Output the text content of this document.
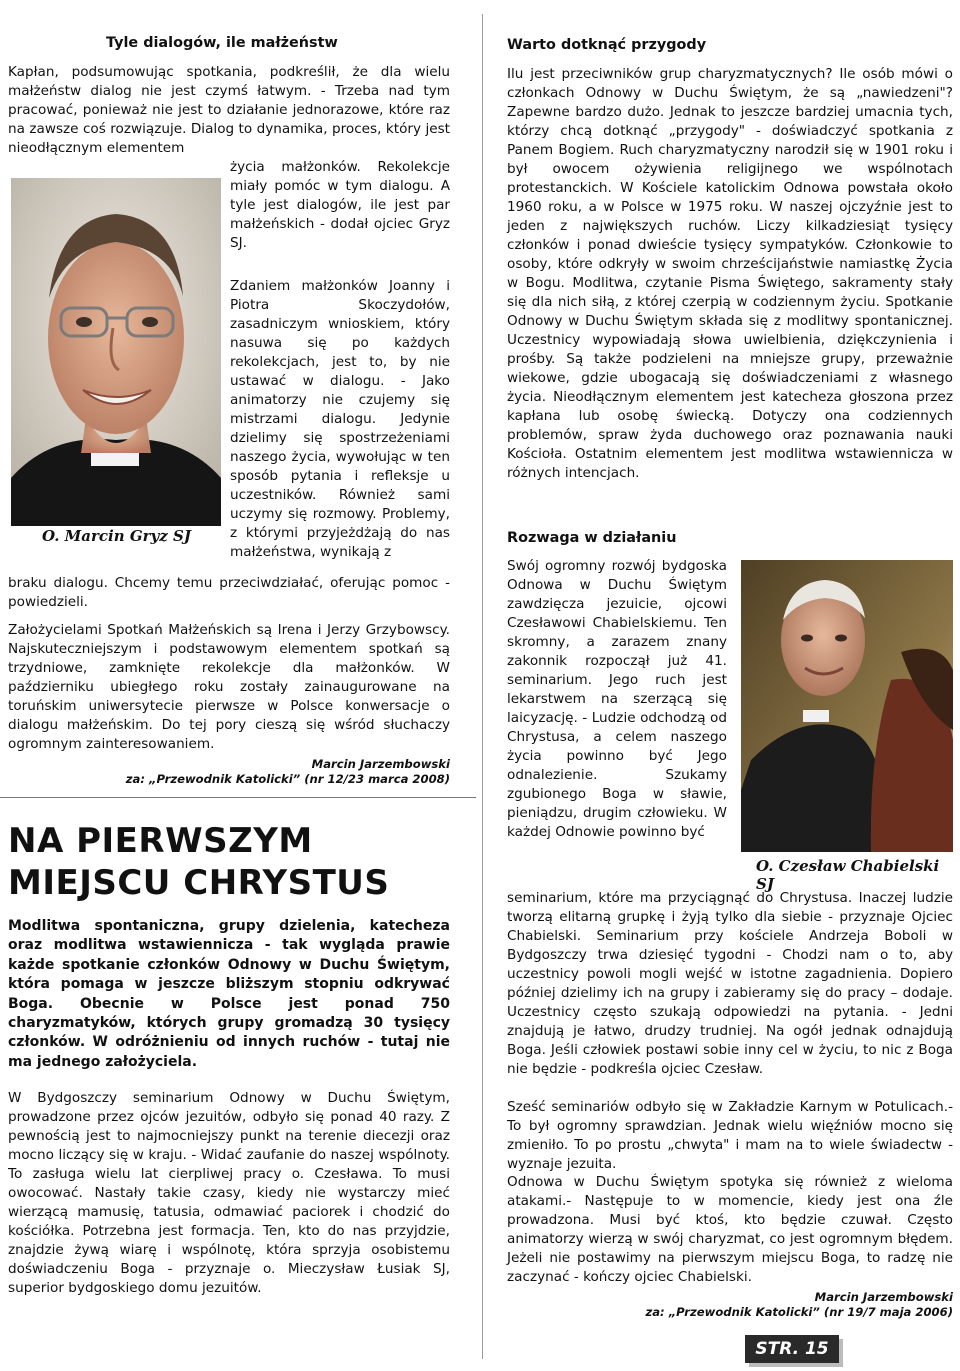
Tyle dialogów, ile małżeństw

Kapłan, podsumowując spotkania, podkreślił, że dla wielu małżeństw dialog nie jest czymś łatwym. - Trzeba nad tym pracować, ponieważ nie jest to działanie jednorazowe, które raz na zawsze coś rozwiązuje. Dialog to dynamika, proces, który jest nieodłącznym elementem

O. Marcin Gryz SJ

życia małżonków. Rekolekcje miały pomóc w tym dialogu. A tyle jest dialogów, ile jest par małżeńskich - dodał ojciec Gryz SJ.

Zdaniem małżonków Joanny i Piotra Skoczydołów, zasadniczym wnioskiem, który nasuwa się po każdych rekolekcjach, jest to, by nie ustawać w dialogu. - Jako animatorzy nie czujemy się mistrzami dialogu. Jedynie dzielimy się spostrzeżeniami naszego życia, wywołując w ten sposób pytania i refleksje u uczestników. Również sami uczymy się rozmowy. Problemy, z którymi przyjeżdżają do nas małżeństwa, wynikają z

braku dialogu. Chcemy temu przeciwdziałać, oferując pomoc - powiedzieli.

Założycielami Spotkań Małżeńskich są Irena i Jerzy Grzybowscy. Najskuteczniejszym i podstawowym elementem spotkań są trzydniowe, zamknięte rekolekcje dla małżonków. W październiku ubiegłego roku zostały zainaugurowane na toruńskim uniwersytecie pierwsze w Polsce konwersacje o dialogu małżeńskim. Do tej pory cieszą się wśród słuchaczy ogromnym zainteresowaniem.

Marcin Jarzembowski
za: „Przewodnik Katolicki” (nr 12/23 marca 2008)
NA PIERWSZYM
MIEJSCU CHRYSTUS

Modlitwa spontaniczna, grupy dzielenia, katecheza oraz modlitwa wstawiennicza - tak wygląda prawie każde spotkanie członków Odnowy w Duchu Świętym, która pomaga w jeszcze bliższym stopniu odkrywać Boga. Obecnie w Polsce jest ponad 750 charyzmatyków, których grupy gromadzą 30 tysięcy członków. W odróżnieniu od innych ruchów - tutaj nie ma jednego założyciela.

W Bydgoszczy seminarium Odnowy w Duchu Świętym, prowadzone przez ojców jezuitów, odbyło się ponad 40 razy. Z pewnością jest to najmocniejszy punkt na terenie diecezji oraz mocno liczący się w kraju. - Widać zaufanie do naszej wspólnoty. To zasługa wielu lat cierpliwej pracy o. Czesława. To musi owocować. Nastały takie czasy, kiedy nie wystarczy mieć wierzącą mamusię, tatusia, odmawiać paciorek i chodzić do kościółka. Potrzebna jest formacja. Ten, kto do nas przyjdzie, znajdzie żywą wiarę i wspólnotę, która sprzyja osobistemu doświadczeniu Boga - przyznaje o. Mieczysław Łusiak SJ, superior bydgoskiego domu jezuitów.

Warto dotknąć przygody

Ilu jest przeciwników grup charyzmatycznych? Ile osób mówi o członkach Odnowy w Duchu Świętym, że są „nawiedzeni"? Zapewne bardzo dużo. Jednak to jeszcze bardziej umacnia tych, którzy chcą dotknąć „przygody" - doświadczyć spotkania z Panem Bogiem. Ruch charyzmatyczny narodził się w 1901 roku i był owocem ożywienia religijnego we wspólnotach protestanckich. W Kościele katolickim Odnowa powstała około 1960 roku, a w Polsce w 1975 roku. W naszej ojczyźnie jest to jeden z największych ruchów. Liczy kilkadziesiąt tysięcy członków i ponad dwieście tysięcy sympatyków. Członkowie to osoby, które odkryły w swoim chrześcijaństwie namiastkę Życia w Bogu. Modlitwa, czytanie Pisma Świętego, sakramenty stały się dla nich siłą, z której czerpią w codziennym życiu. Spotkanie Odnowy w Duchu Świętym składa się z modlitwy spontanicznej. Uczestnicy wypowiadają słowa uwielbienia, dziękczynienia i prośby. Są także podzieleni na mniejsze grupy, przeważnie wiekowe, gdzie ubogacają się doświadczeniami z własnego życia. Nieodłącznym elementem jest katecheza głoszona przez kapłana lub osobę świecką. Dotyczy ona codziennych problemów, spraw żyda duchowego oraz poznawania nauki Kościoła. Ostatnim elementem jest modlitwa wstawiennicza w różnych intencjach.

Rozwaga w działaniu

Swój ogromny rozwój bydgoska Odnowa w Duchu Świętym zawdzięcza jezuicie, ojcowi Czesławowi Chabielskiemu. Ten skromny, a zarazem znany zakonnik rozpoczął już 41. seminarium. Jego ruch jest lekarstwem na szerzącą się laicyzację. - Ludzie odchodzą od Chrystusa, a celem naszego życia powinno być Jego odnalezienie. Szukamy zgubionego Boga w sławie, pieniądzu, drugim człowieku. W każdej Odnowie powinno być

O. Czesław Chabielski SJ

seminarium, które ma przyciągnąć do Chrystusa. Inaczej ludzie tworzą elitarną grupkę i żyją tylko dla siebie - przyznaje Ojciec Chabielski. Seminarium przy kościele Andrzeja Boboli w Bydgoszczy trwa dziesięć tygodni - Chodzi nam o to, aby uczestnicy powoli mogli wejść w istotne zagadnienia. Dopiero później dzielimy ich na grupy i zabieramy się do pracy – dodaje. Uczestnicy często szukają odpowiedzi na pytania. - Jedni znajdują je łatwo, drudzy trudniej. Na ogół jednak odnajdują Boga. Jeśli człowiek postawi sobie inny cel w życiu, to nic z Boga nie będzie - podkreśla ojciec Czesław.

Sześć seminariów odbyło się w Zakładzie Karnym w Potulicach.- To był ogromny sprawdzian. Jednak wielu więźniów mocno się zmieniło. To po prostu „chwyta" i mam na to wiele świadectw - wyznaje jezuita.

Odnowa w Duchu Świętym spotyka się również z wieloma atakami.- Następuje to w momencie, kiedy jest ona źle prowadzona. Musi być ktoś, kto będzie czuwał. Często animatorzy wierzą w swój charyzmat, co jest ogromnym błędem. Jeżeli nie postawimy na pierwszym miejscu Boga, to radzę nie zaczynać - kończy ojciec Chabielski.

Marcin Jarzembowski
za: „Przewodnik Katolicki” (nr 19/7 maja 2006)
STR. 15
